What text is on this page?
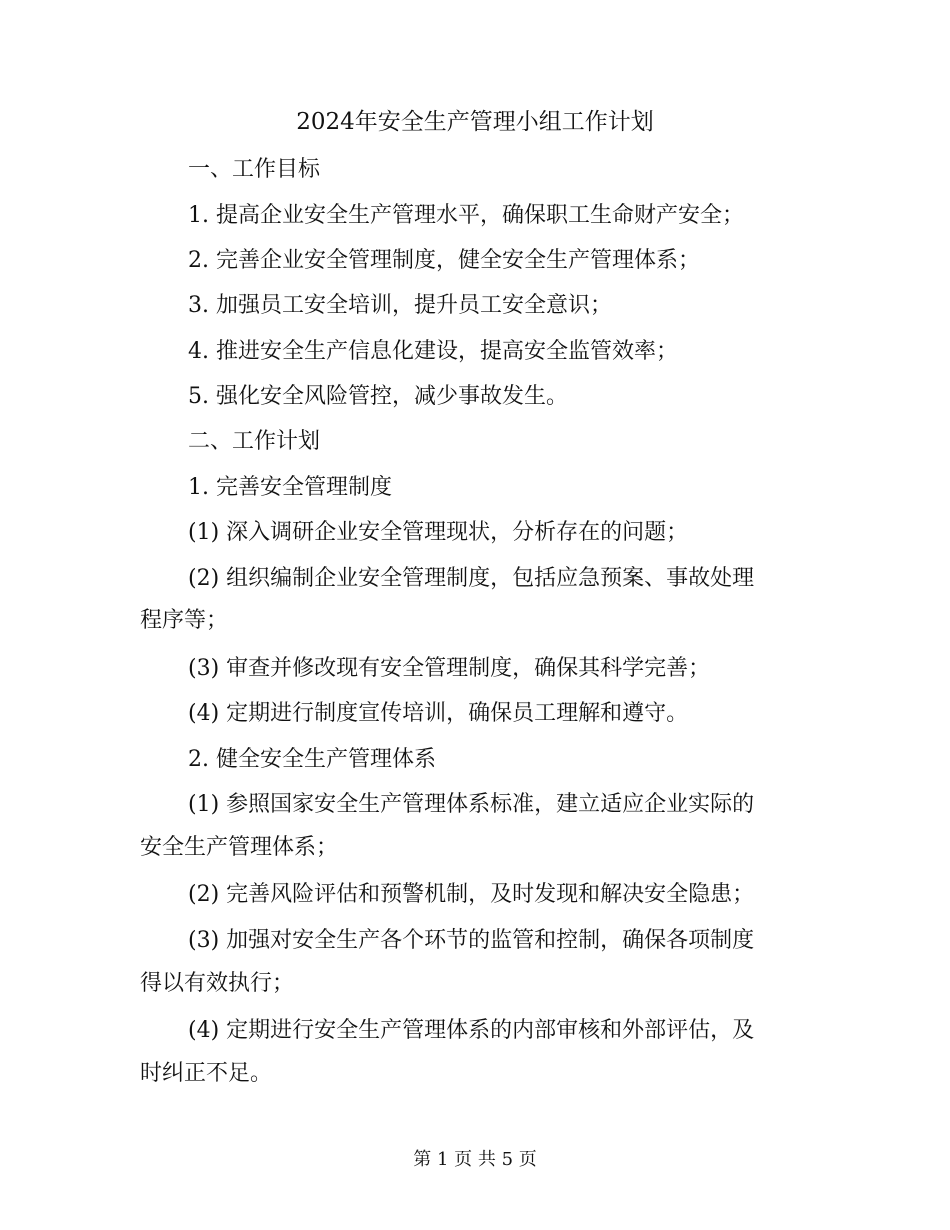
2024年安全生产管理小组工作计划
一、工作目标
1. 提高企业安全生产管理水平，确保职工生命财产安全；
2. 完善企业安全管理制度，健全安全生产管理体系；
3. 加强员工安全培训，提升员工安全意识；
4. 推进安全生产信息化建设，提高安全监管效率；
5. 强化安全风险管控，减少事故发生。
二、工作计划
1. 完善安全管理制度
(1) 深入调研企业安全管理现状，分析存在的问题；
(2) 组织编制企业安全管理制度，包括应急预案、事故处理
程序等；
(3) 审查并修改现有安全管理制度，确保其科学完善；
(4) 定期进行制度宣传培训，确保员工理解和遵守。
2. 健全安全生产管理体系
(1) 参照国家安全生产管理体系标准，建立适应企业实际的
安全生产管理体系；
(2) 完善风险评估和预警机制，及时发现和解决安全隐患；
(3) 加强对安全生产各个环节的监管和控制，确保各项制度
得以有效执行；
(4) 定期进行安全生产管理体系的内部审核和外部评估，及
时纠正不足。
第 1 页 共 5 页
